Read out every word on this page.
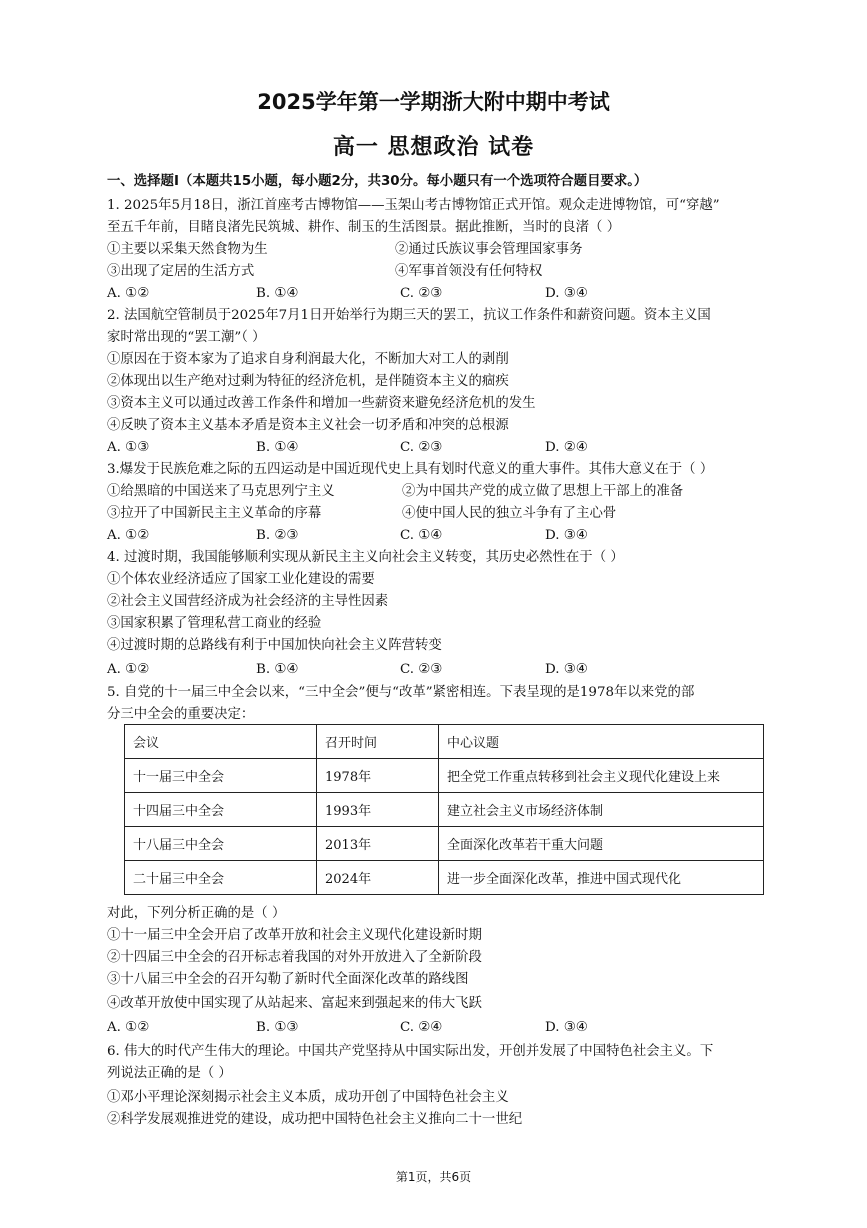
2025学年第一学期浙大附中期中考试
高一 思想政治 试卷
一、选择题Ⅰ（本题共15小题，每小题2分，共30分。每小题只有一个选项符合题目要求。）
1. 2025年5月18日，浙江首座考古博物馆——玉架山考古博物馆正式开馆。观众走进博物馆，可“穿越”
至五千年前，目睹良渚先民筑城、耕作、制玉的生活图景。据此推断，当时的良渚（ ）
①主要以采集天然食物为生	②通过氏族议事会管理国家事务
③出现了定居的生活方式	④军事首领没有任何特权
A. ①②	B. ①④	C. ②③	D. ③④
2. 法国航空管制员于2025年7月1日开始举行为期三天的罢工，抗议工作条件和薪资问题。资本主义国
家时常出现的“罢工潮”（ ）
①原因在于资本家为了追求自身利润最大化，不断加大对工人的剥削
②体现出以生产绝对过剩为特征的经济危机，是伴随资本主义的痼疾
③资本主义可以通过改善工作条件和增加一些薪资来避免经济危机的发生
④反映了资本主义基本矛盾是资本主义社会一切矛盾和冲突的总根源
A. ①③	B. ①④	C. ②③	D. ②④
3.爆发于民族危难之际的五四运动是中国近现代史上具有划时代意义的重大事件。其伟大意义在于（ ）
①给黑暗的中国送来了马克思列宁主义	②为中国共产党的成立做了思想上干部上的准备
③拉开了中国新民主主义革命的序幕	④使中国人民的独立斗争有了主心骨
A. ①②	B. ②③	C. ①④	D. ③④
4. 过渡时期，我国能够顺利实现从新民主主义向社会主义转变，其历史必然性在于（ ）
①个体农业经济适应了国家工业化建设的需要
②社会主义国营经济成为社会经济的主导性因素
③国家积累了管理私营工商业的经验
④过渡时期的总路线有利于中国加快向社会主义阵营转变
A. ①②	B. ①④	C. ②③	D. ③④
5. 自党的十一届三中全会以来，“三中全会”便与“改革”紧密相连。下表呈现的是1978年以来党的部
分三中全会的重要决定：
会议	召开时间	中心议题
十一届三中全会	1978年	把全党工作重点转移到社会主义现代化建设上来
十四届三中全会	1993年	建立社会主义市场经济体制
十八届三中全会	2013年	全面深化改革若干重大问题
二十届三中全会	2024年	进一步全面深化改革，推进中国式现代化
对此，下列分析正确的是（ ）
①十一届三中全会开启了改革开放和社会主义现代化建设新时期
②十四届三中全会的召开标志着我国的对外开放进入了全新阶段
③十八届三中全会的召开勾勒了新时代全面深化改革的路线图
④改革开放使中国实现了从站起来、富起来到强起来的伟大飞跃
A. ①②	B. ①③	C. ②④	D. ③④
6. 伟大的时代产生伟大的理论。中国共产党坚持从中国实际出发，开创并发展了中国特色社会主义。下
列说法正确的是（ ）
①邓小平理论深刻揭示社会主义本质，成功开创了中国特色社会主义
②科学发展观推进党的建设，成功把中国特色社会主义推向二十一世纪
第1页，共6页
